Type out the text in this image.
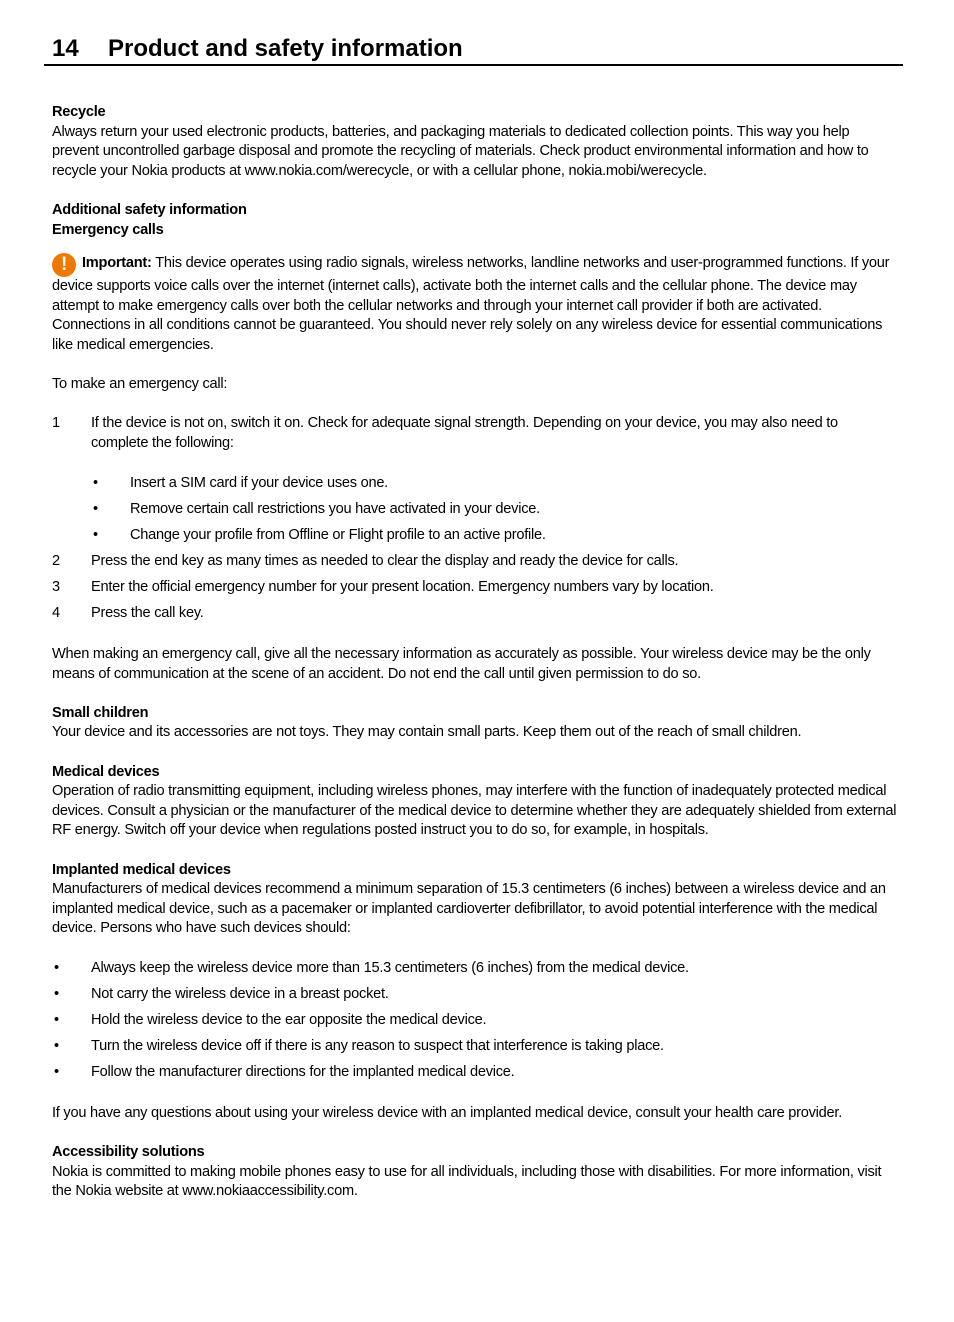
14 Product and safety information

Recycle

Always return your used electronic products, batteries, and packaging materials to dedicated collection points. This way you help prevent uncontrolled garbage disposal and promote the recycling of materials. Check product environmental information and how to recycle your Nokia products at www.nokia.com/werecycle, or with a cellular phone, nokia.mobi/werecycle.

Additional safety information

Emergency calls

! Important: This device operates using radio signals, wireless networks, landline networks and user-programmed functions. If your device supports voice calls over the internet (internet calls), activate both the internet calls and the cellular phone. The device may attempt to make emergency calls over both the cellular networks and through your internet call provider if both are activated. Connections in all conditions cannot be guaranteed. You should never rely solely on any wireless device for essential communications like medical emergencies.

To make an emergency call:

1 If the device is not on, switch it on. Check for adequate signal strength. Depending on your device, you may also need to complete the following:
• Insert a SIM card if your device uses one.
• Remove certain call restrictions you have activated in your device.
• Change your profile from Offline or Flight profile to an active profile.
2 Press the end key as many times as needed to clear the display and ready the device for calls.
3 Enter the official emergency number for your present location. Emergency numbers vary by location.
4 Press the call key.

When making an emergency call, give all the necessary information as accurately as possible. Your wireless device may be the only means of communication at the scene of an accident. Do not end the call until given permission to do so.

Small children

Your device and its accessories are not toys. They may contain small parts. Keep them out of the reach of small children.

Medical devices

Operation of radio transmitting equipment, including wireless phones, may interfere with the function of inadequately protected medical devices. Consult a physician or the manufacturer of the medical device to determine whether they are adequately shielded from external RF energy. Switch off your device when regulations posted instruct you to do so, for example, in hospitals.

Implanted medical devices

Manufacturers of medical devices recommend a minimum separation of 15.3 centimeters (6 inches) between a wireless device and an implanted medical device, such as a pacemaker or implanted cardioverter defibrillator, to avoid potential interference with the medical device. Persons who have such devices should:

• Always keep the wireless device more than 15.3 centimeters (6 inches) from the medical device.
• Not carry the wireless device in a breast pocket.
• Hold the wireless device to the ear opposite the medical device.
• Turn the wireless device off if there is any reason to suspect that interference is taking place.
• Follow the manufacturer directions for the implanted medical device.

If you have any questions about using your wireless device with an implanted medical device, consult your health care provider.

Accessibility solutions

Nokia is committed to making mobile phones easy to use for all individuals, including those with disabilities. For more information, visit the Nokia website at www.nokiaaccessibility.com.
